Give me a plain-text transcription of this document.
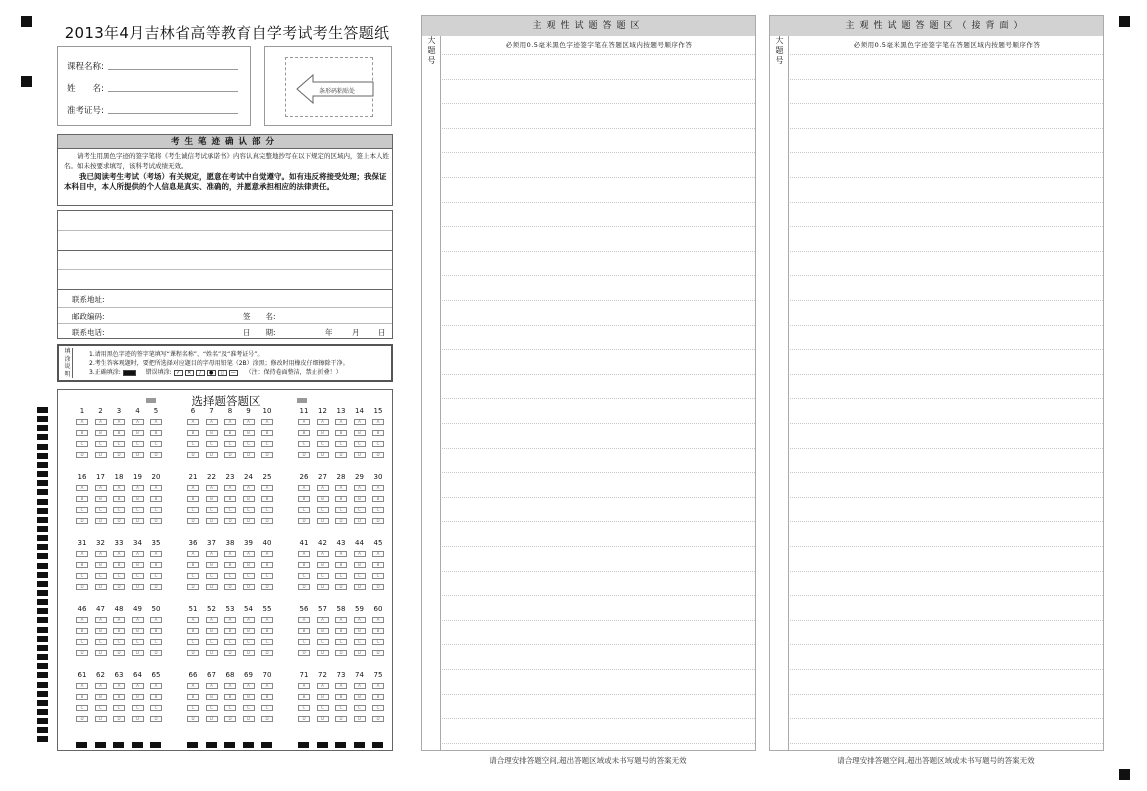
2013年4月吉林省高等教育自学考试考生答题纸
课程名称:
姓　　名:
准考证号:
条形码粘贴处
考生笔迹确认部分
请考生用黑色字迹的签字笔将《考生诚信考试承诺书》内容认真完整地抄写在以下规定的区域内，签上本人姓名。如未按要求填写，该科考试成绩无效。
我已阅读考生考试（考场）有关规定，愿意在考试中自觉遵守。如有违反将接受处理；我保证本科目中，本人所提供的个人信息是真实、准确的，并愿意承担相应的法律责任。
联系地址:
邮政编码:	签　　名:
联系电话:	日　　期:	年	月 日
填涂说明
1.请用黑色字迹的签字笔填写“课程名称”、“姓名”及“准考证号”。
2.考生答客观题时，要把所选择对应题目的字母用铅笔（2B）涂黑；修改时用橡皮仔细擦除干净。
3.正确填涂:	错误填涂: ✓ ✕ / ● ▯ — （注：保持卷面整洁，禁止折叠！）
选择题答题区
1
A
B
C
D
2
A
B
C
D
3
A
B
C
D
4
A
B
C
D
5
A
B
C
D
6
A
B
C
D
7
A
B
C
D
8
A
B
C
D
9
A
B
C
D
10
A
B
C
D
11
A
B
C
D
12
A
B
C
D
13
A
B
C
D
14
A
B
C
D
15
A
B
C
D
16
A
B
C
D
17
A
B
C
D
18
A
B
C
D
19
A
B
C
D
20
A
B
C
D
21
A
B
C
D
22
A
B
C
D
23
A
B
C
D
24
A
B
C
D
25
A
B
C
D
26
A
B
C
D
27
A
B
C
D
28
A
B
C
D
29
A
B
C
D
30
A
B
C
D
31
A
B
C
D
32
A
B
C
D
33
A
B
C
D
34
A
B
C
D
35
A
B
C
D
36
A
B
C
D
37
A
B
C
D
38
A
B
C
D
39
A
B
C
D
40
A
B
C
D
41
A
B
C
D
42
A
B
C
D
43
A
B
C
D
44
A
B
C
D
45
A
B
C
D
46
A
B
C
D
47
A
B
C
D
48
A
B
C
D
49
A
B
C
D
50
A
B
C
D
51
A
B
C
D
52
A
B
C
D
53
A
B
C
D
54
A
B
C
D
55
A
B
C
D
56
A
B
C
D
57
A
B
C
D
58
A
B
C
D
59
A
B
C
D
60
A
B
C
D
61
A
B
C
D
62
A
B
C
D
63
A
B
C
D
64
A
B
C
D
65
A
B
C
D
66
A
B
C
D
67
A
B
C
D
68
A
B
C
D
69
A
B
C
D
70
A
B
C
D
71
A
B
C
D
72
A
B
C
D
73
A
B
C
D
74
A
B
C
D
75
A
B
C
D
主观性试题答题区
大题号
必须用0.5毫米黑色字迹签字笔在答题区域内按题号顺序作答
请合理安排答题空间,超出答题区域或未书写题号的答案无效
主观性试题答题区（接背面）
大题号
必须用0.5毫米黑色字迹签字笔在答题区域内按题号顺序作答
请合理安排答题空间,超出答题区域或未书写题号的答案无效
